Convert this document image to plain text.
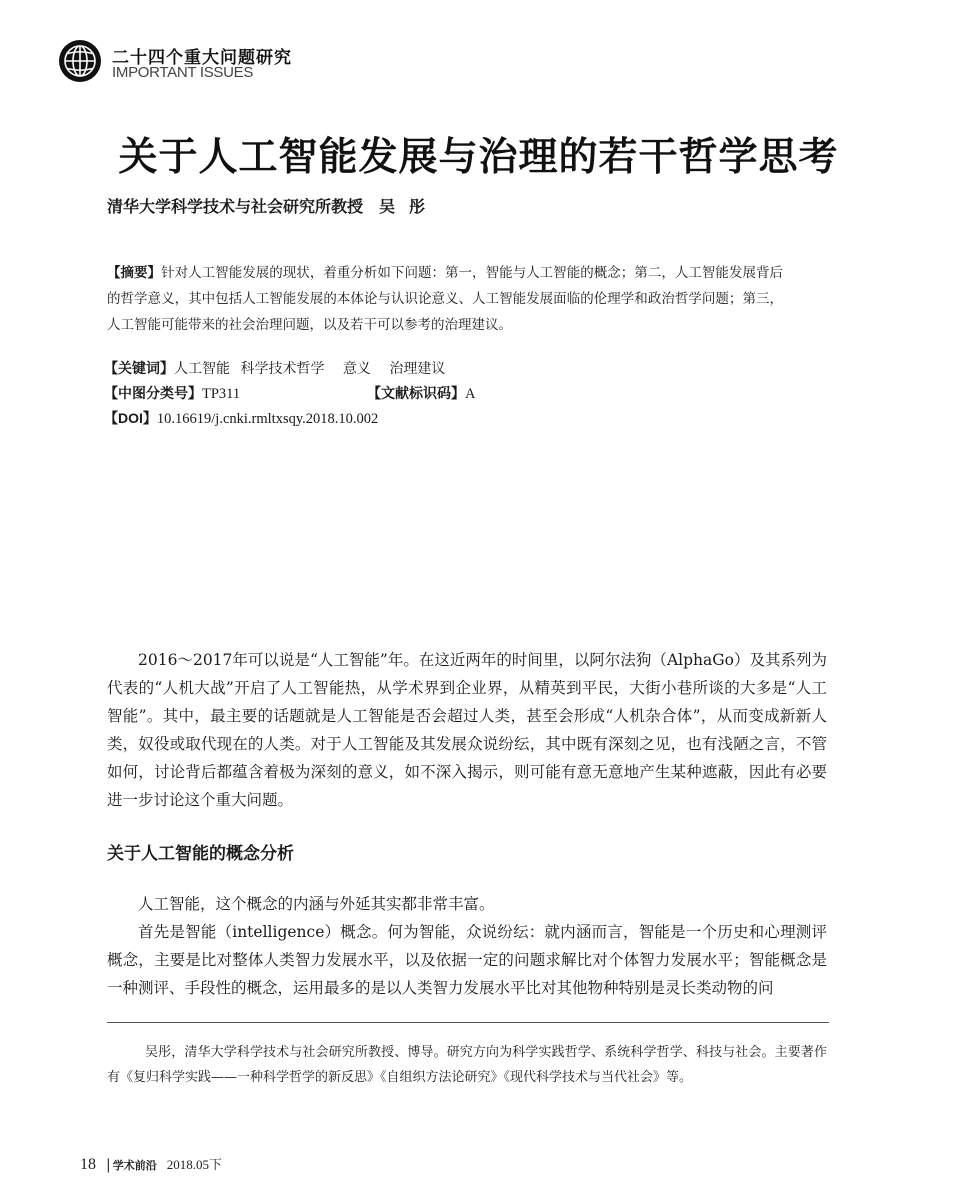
二十四个重大问题研究
IMPORTANT ISSUES
关于人工智能发展与治理的若干哲学思考
清华大学科学技术与社会研究所教授 吴彤
【摘要】针对人工智能发展的现状，着重分析如下问题：第一，智能与人工智能的概念；第二，人工智能发展背后的哲学意义，其中包括人工智能发展的本体论与认识论意义、人工智能发展面临的伦理学和政治哲学问题；第三，人工智能可能带来的社会治理问题，以及若干可以参考的治理建议。
【关键词】人工智能 科学技术哲学 意义 治理建议
【中图分类号】TP311	【文献标识码】A
【DOI】10.16619/j.cnki.rmltxsqy.2018.10.002
2016～2017年可以说是“人工智能”年。在这近两年的时间里，以阿尔法狗（AlphaGo）及其系列为代表的“人机大战”开启了人工智能热，从学术界到企业界，从精英到平民，大街小巷所谈的大多是“人工智能”。其中，最主要的话题就是人工智能是否会超过人类，甚至会形成“人机杂合体”，从而变成新新人类，奴役或取代现在的人类。对于人工智能及其发展众说纷纭，其中既有深刻之见，也有浅陋之言，不管如何，讨论背后都蕴含着极为深刻的意义，如不深入揭示，则可能有意无意地产生某种遮蔽，因此有必要进一步讨论这个重大问题。
关于人工智能的概念分析
人工智能，这个概念的内涵与外延其实都非常丰富。
首先是智能（intelligence）概念。何为智能，众说纷纭：就内涵而言，智能是一个历史和心理测评概念，主要是比对整体人类智力发展水平，以及依据一定的问题求解比对个体智力发展水平；智能概念是一种测评、手段性的概念，运用最多的是以人类智力发展水平比对其他物种特别是灵长类动物的问
吴彤，清华大学科学技术与社会研究所教授、博导。研究方向为科学实践哲学、系统科学哲学、科技与社会。主要著作有《复归科学实践——一种科学哲学的新反思》《自组织方法论研究》《现代科学技术与当代社会》等。
18 | 学术前沿 2018.05下
